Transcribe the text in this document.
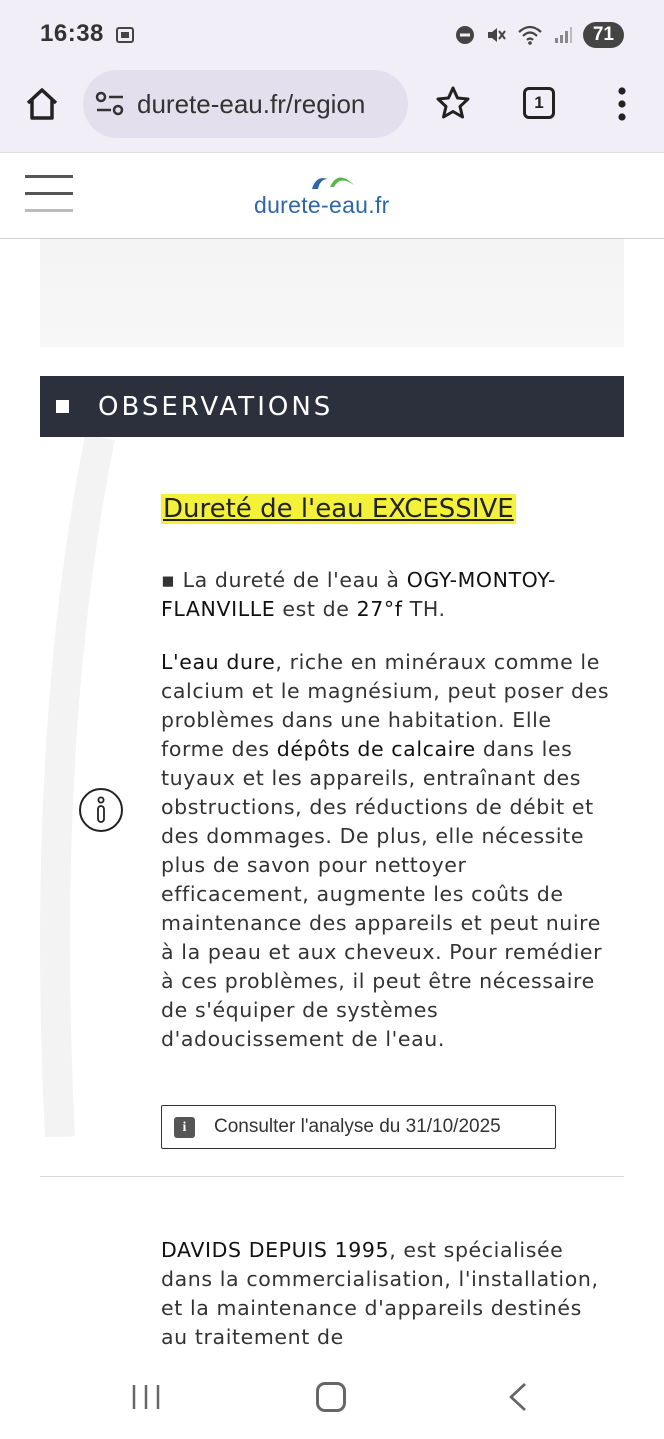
16:38	71
durete-eau.fr/region	1
durete-eau.fr
OBSERVATIONS
Dureté de l'eau EXCESSIVE
▪ La dureté de l'eau à OGY-MONTOY-FLANVILLE est de 27°f TH.
L'eau dure, riche en minéraux comme le calcium et le magnésium, peut poser des problèmes dans une habitation. Elle forme des dépôts de calcaire dans les tuyaux et les appareils, entraînant des obstructions, des réductions de débit et des dommages. De plus, elle nécessite plus de savon pour nettoyer efficacement, augmente les coûts de maintenance des appareils et peut nuire à la peau et aux cheveux. Pour remédier à ces problèmes, il peut être nécessaire de s'équiper de systèmes d'adoucissement de l'eau.
i	Consulter l'analyse du 31/10/2025
DAVIDS DEPUIS 1995, est spécialisée dans la commercialisation, l'installation, et la maintenance d'appareils destinés au traitement de
